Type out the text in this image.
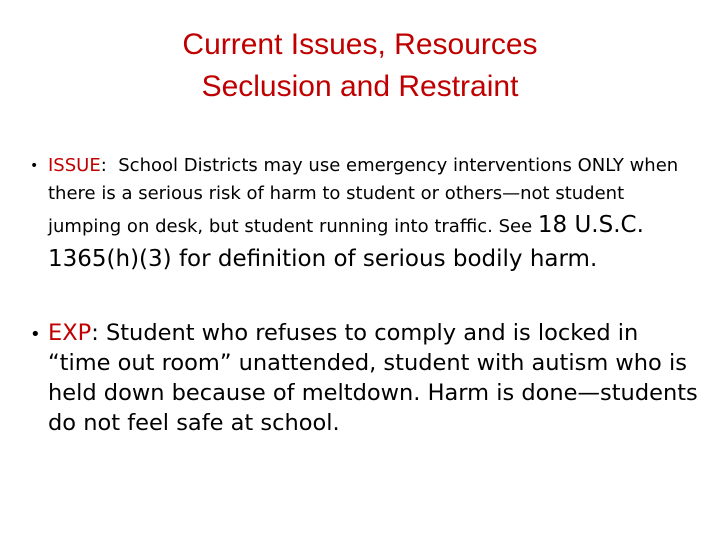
Current Issues, Resources
Seclusion and Restraint
• ISSUE: School Districts may use emergency interventions ONLY when there is a serious risk of harm to student or others—not student jumping on desk, but student running into traffic. See 18 U.S.C. 1365(h)(3) for definition of serious bodily harm.
• EXP: Student who refuses to comply and is locked in “time out room” unattended, student with autism who is held down because of meltdown. Harm is done—students do not feel safe at school.
